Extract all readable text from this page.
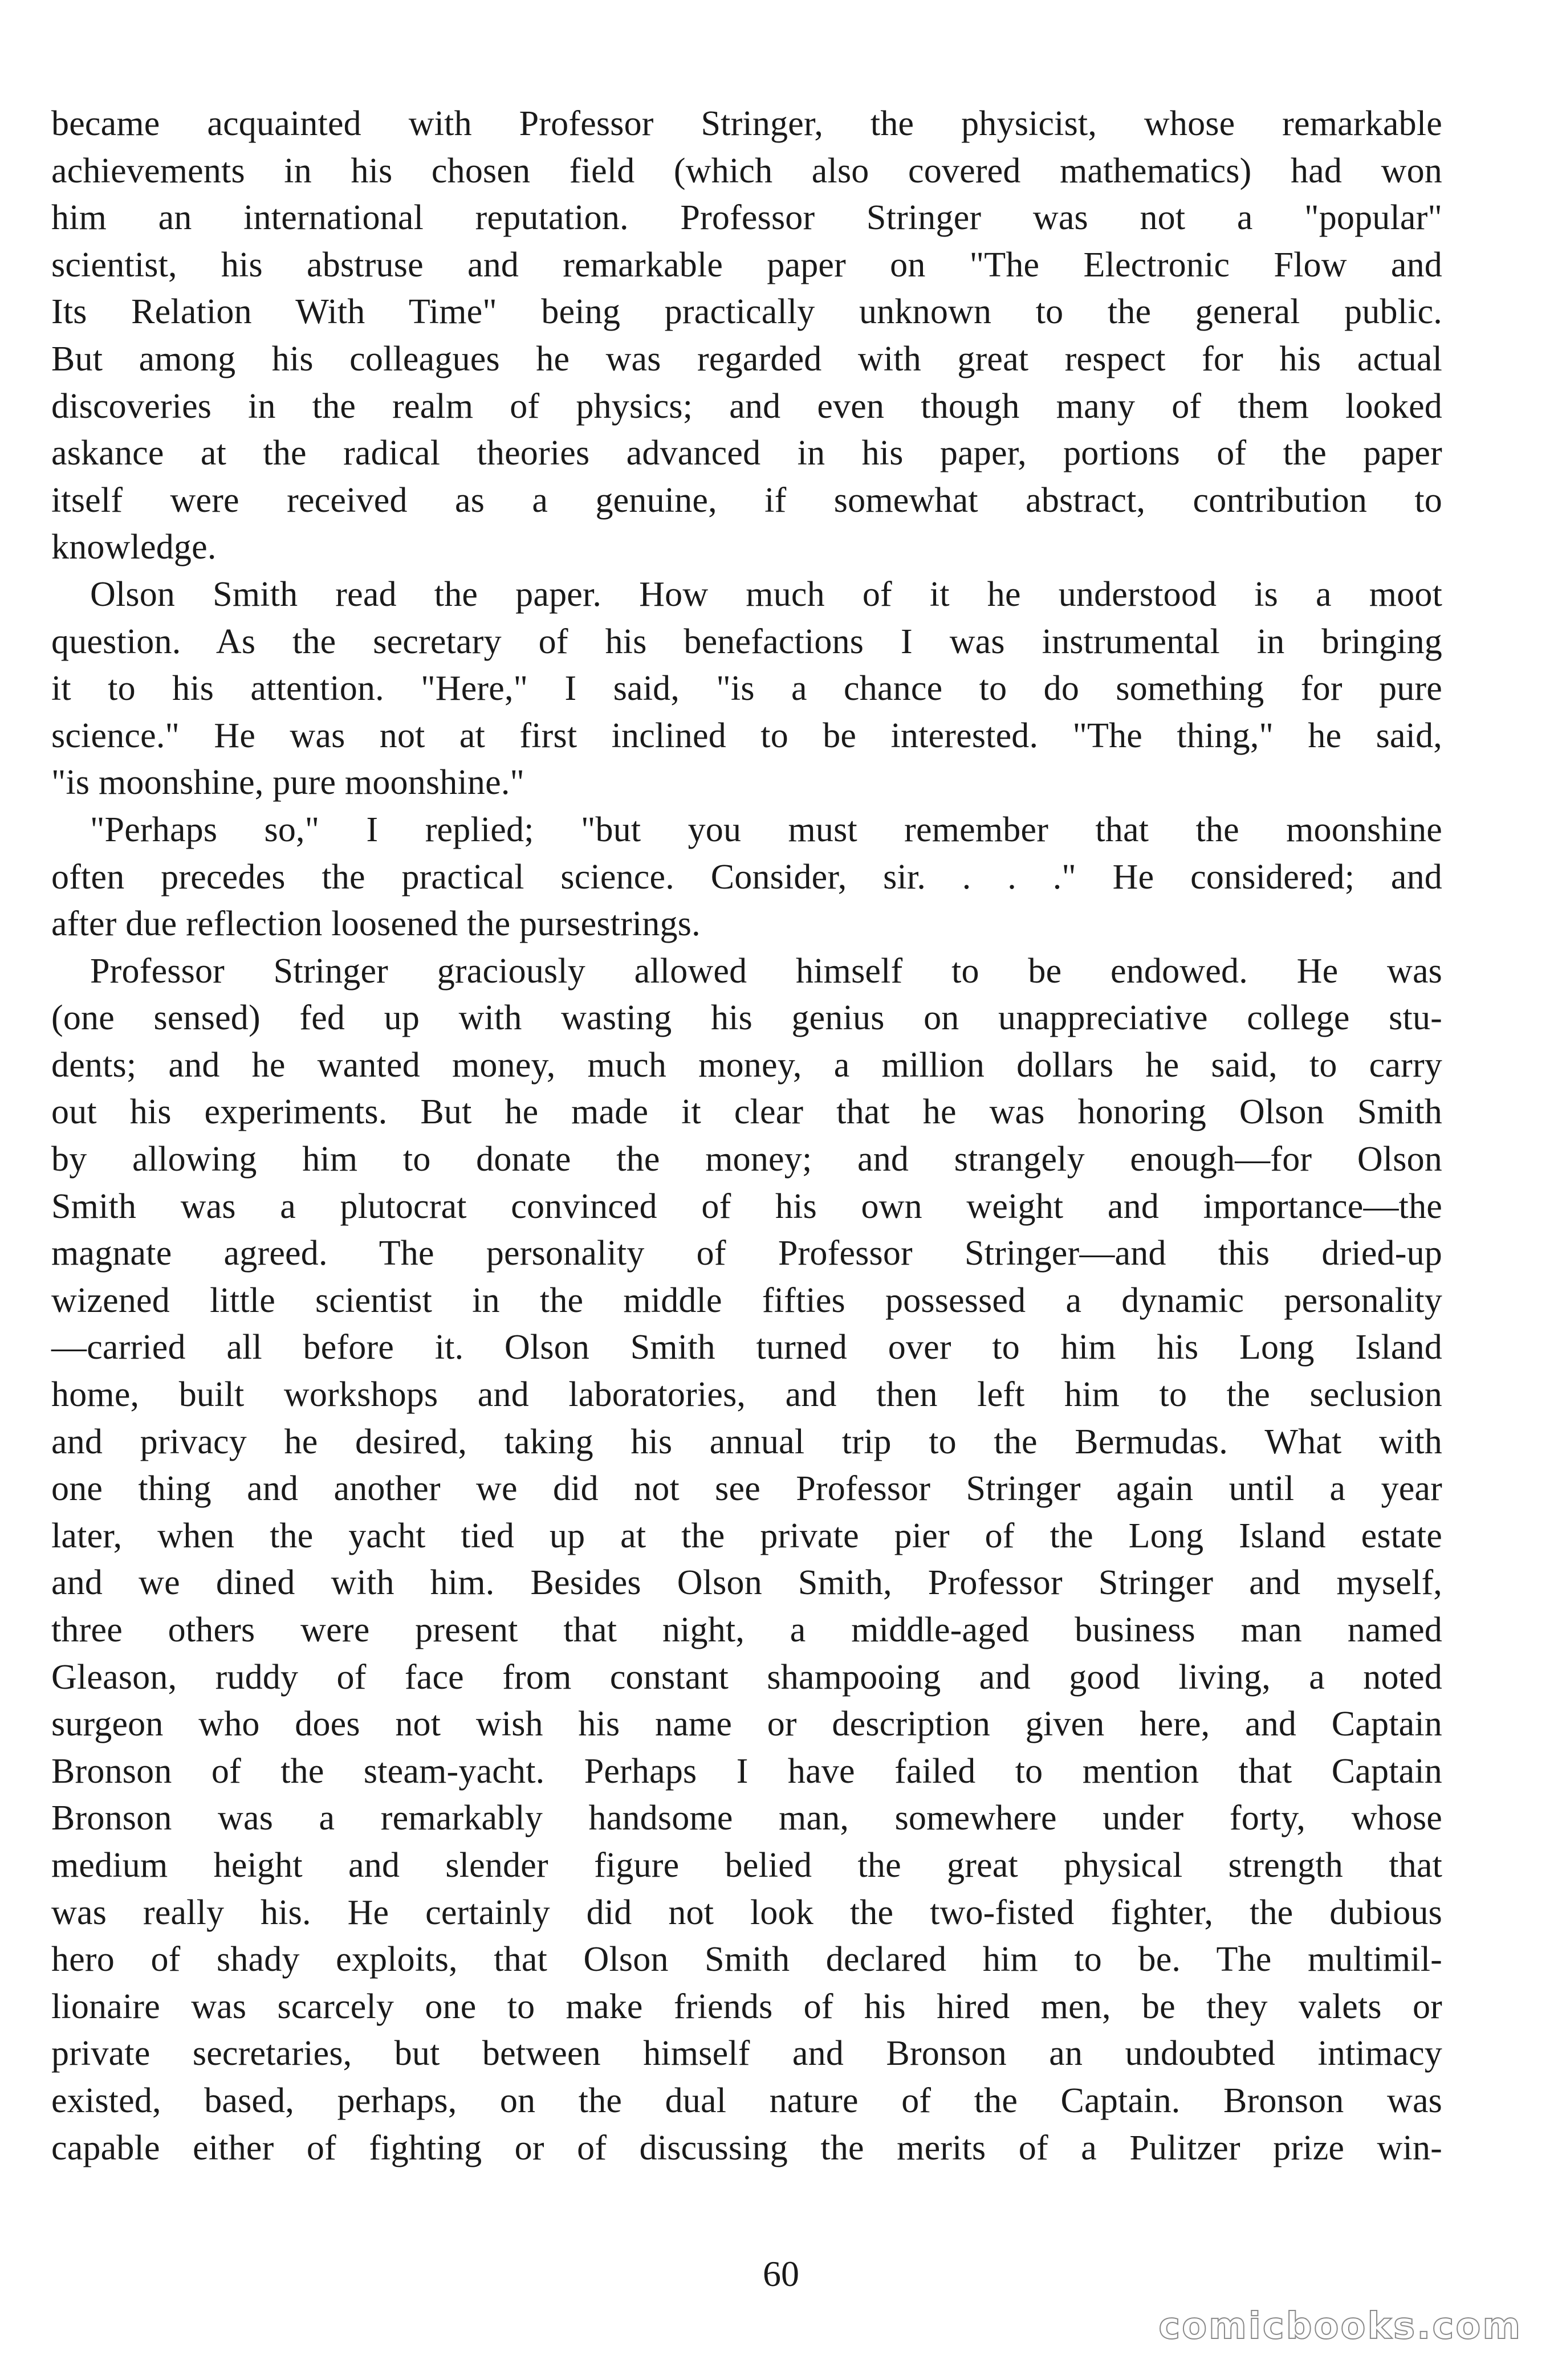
became acquainted with Professor Stringer, the physicist, whose remarkable
achievements in his chosen field (which also covered mathematics) had won
him an international reputation. Professor Stringer was not a "popular"
scientist, his abstruse and remarkable paper on "The Electronic Flow and
Its Relation With Time" being practically unknown to the general public.
But among his colleagues he was regarded with great respect for his actual
discoveries in the realm of physics; and even though many of them looked
askance at the radical theories advanced in his paper, portions of the paper
itself were received as a genuine, if somewhat abstract, contribution to
knowledge.
Olson Smith read the paper. How much of it he understood is a moot
question. As the secretary of his benefactions I was instrumental in bringing
it to his attention. "Here," I said, "is a chance to do something for pure
science." He was not at first inclined to be interested. "The thing," he said,
"is moonshine, pure moonshine."
"Perhaps so," I replied; "but you must remember that the moonshine
often precedes the practical science. Consider, sir. . . ." He considered; and
after due reflection loosened the pursestrings.
Professor Stringer graciously allowed himself to be endowed. He was
(one sensed) fed up with wasting his genius on unappreciative college stu-
dents; and he wanted money, much money, a million dollars he said, to carry
out his experiments. But he made it clear that he was honoring Olson Smith
by allowing him to donate the money; and strangely enough—for Olson
Smith was a plutocrat convinced of his own weight and importance—the
magnate agreed. The personality of Professor Stringer—and this dried-up
wizened little scientist in the middle fifties possessed a dynamic personality
—carried all before it. Olson Smith turned over to him his Long Island
home, built workshops and laboratories, and then left him to the seclusion
and privacy he desired, taking his annual trip to the Bermudas. What with
one thing and another we did not see Professor Stringer again until a year
later, when the yacht tied up at the private pier of the Long Island estate
and we dined with him. Besides Olson Smith, Professor Stringer and myself,
three others were present that night, a middle-aged business man named
Gleason, ruddy of face from constant shampooing and good living, a noted
surgeon who does not wish his name or description given here, and Captain
Bronson of the steam-yacht. Perhaps I have failed to mention that Captain
Bronson was a remarkably handsome man, somewhere under forty, whose
medium height and slender figure belied the great physical strength that
was really his. He certainly did not look the two-fisted fighter, the dubious
hero of shady exploits, that Olson Smith declared him to be. The multimil-
lionaire was scarcely one to make friends of his hired men, be they valets or
private secretaries, but between himself and Bronson an undoubted intimacy
existed, based, perhaps, on the dual nature of the Captain. Bronson was
capable either of fighting or of discussing the merits of a Pulitzer prize win-
60
comicbooks.com
